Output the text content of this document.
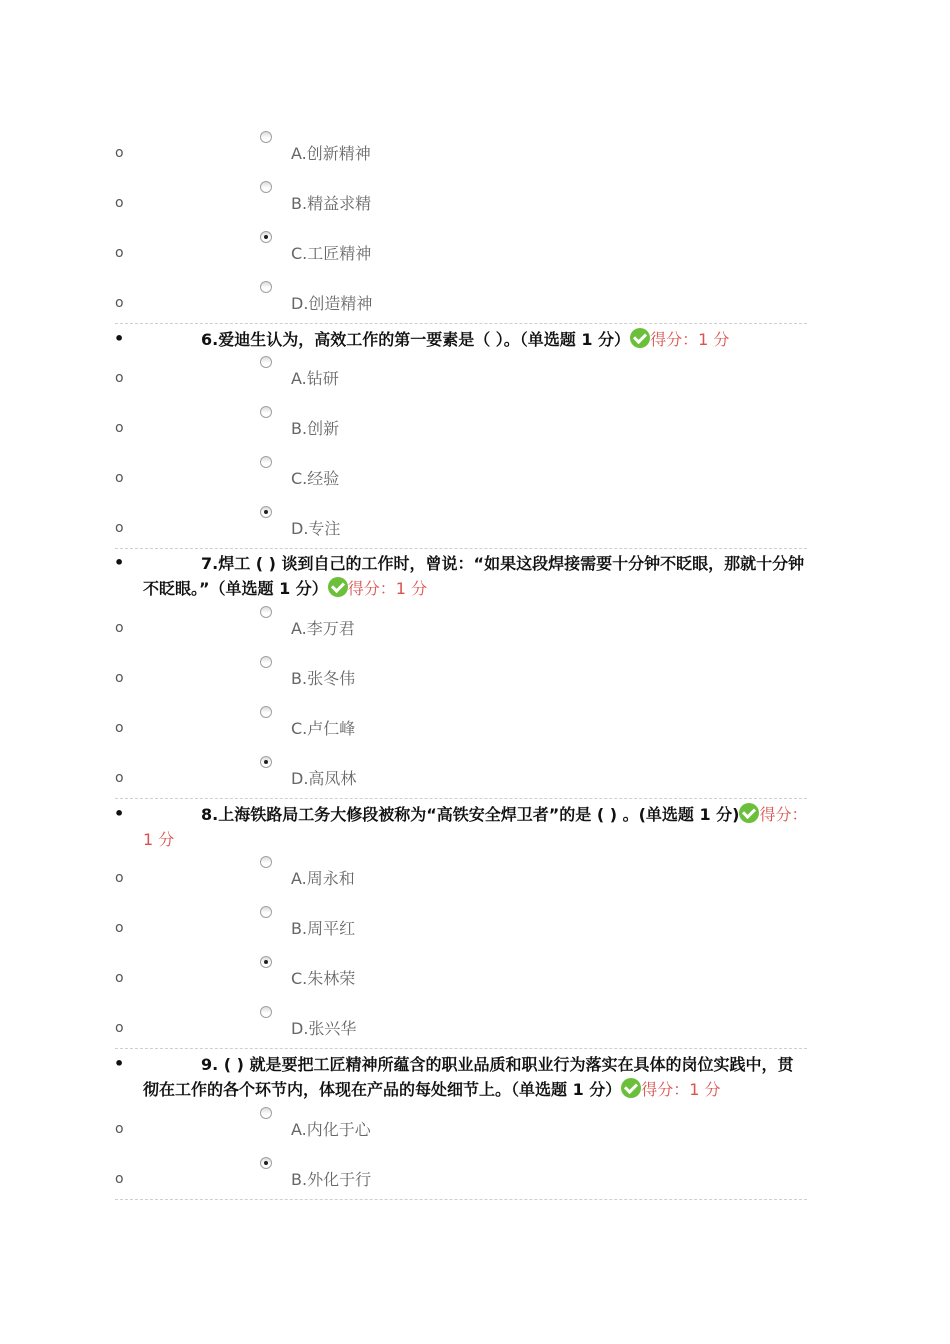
o	A.创新精神
o	B.精益求精
o	C.工匠精神
o	D.创造精神
•	6.爱迪生认为，高效工作的第一要素是（ ）。（单选题 1 分） 得分：1 分

o	A.钻研
o	B.创新
o	C.经验
o	D.专注
•	7.焊工 ( ) 谈到自己的工作时，曾说：“如果这段焊接需要十分钟不眨眼，那就十分钟不眨眼。”（单选题 1 分） 得分：1 分

o	A.李万君
o	B.张冬伟
o	C.卢仁峰
o	D.高凤林
•	8.上海铁路局工务大修段被称为“高铁安全焊卫者”的是 ( ) 。(单选题 1 分) 得分：1 分

o	A.周永和
o	B.周平红
o	C.朱林荣
o	D.张兴华
•	9. ( ) 就是要把工匠精神所蕴含的职业品质和职业行为落实在具体的岗位实践中，贯彻在工作的各个环节内，体现在产品的每处细节上。（单选题 1 分） 得分：1 分

o	A.内化于心
o	B.外化于行
